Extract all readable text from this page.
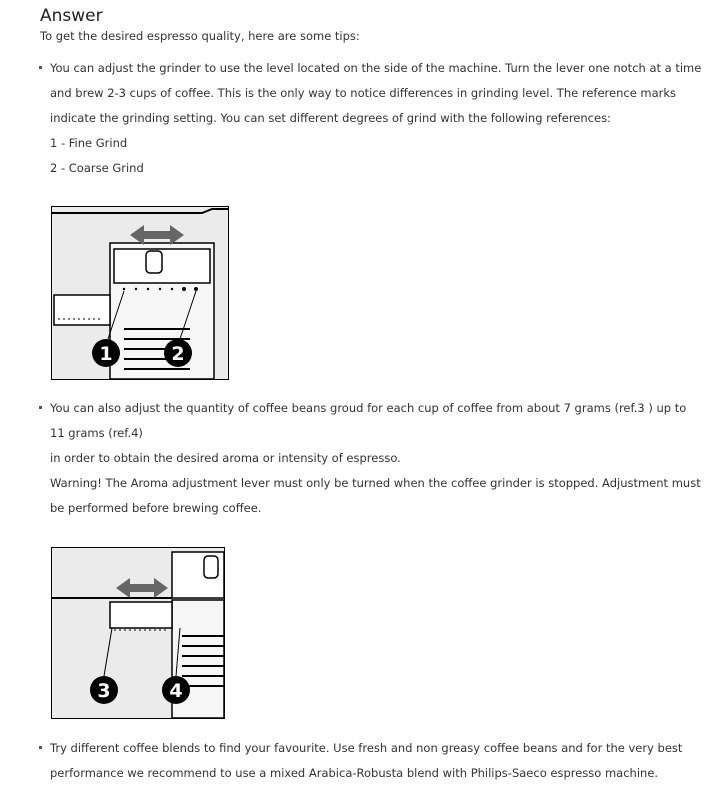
Answer
To get the desired espresso quality, here are some tips:
You can adjust the grinder to use the level located on the side of the machine. Turn the lever one notch at a time
and brew 2-3 cups of coffee. This is the only way to notice differences in grinding level. The reference marks
indicate the grinding setting. You can set different degrees of grind with the following references:
1 - Fine Grind
2 - Coarse Grind
1	2
You can also adjust the quantity of coffee beans groud for each cup of coffee from about 7 grams (ref.3 ) up to
11 grams (ref.4)
in order to obtain the desired aroma or intensity of espresso.
Warning! The Aroma adjustment lever must only be turned when the coffee grinder is stopped. Adjustment must
be performed before brewing coffee.
3	4
Try different coffee blends to find your favourite. Use fresh and non greasy coffee beans and for the very best
performance we recommend to use a mixed Arabica-Robusta blend with Philips-Saeco espresso machine.
